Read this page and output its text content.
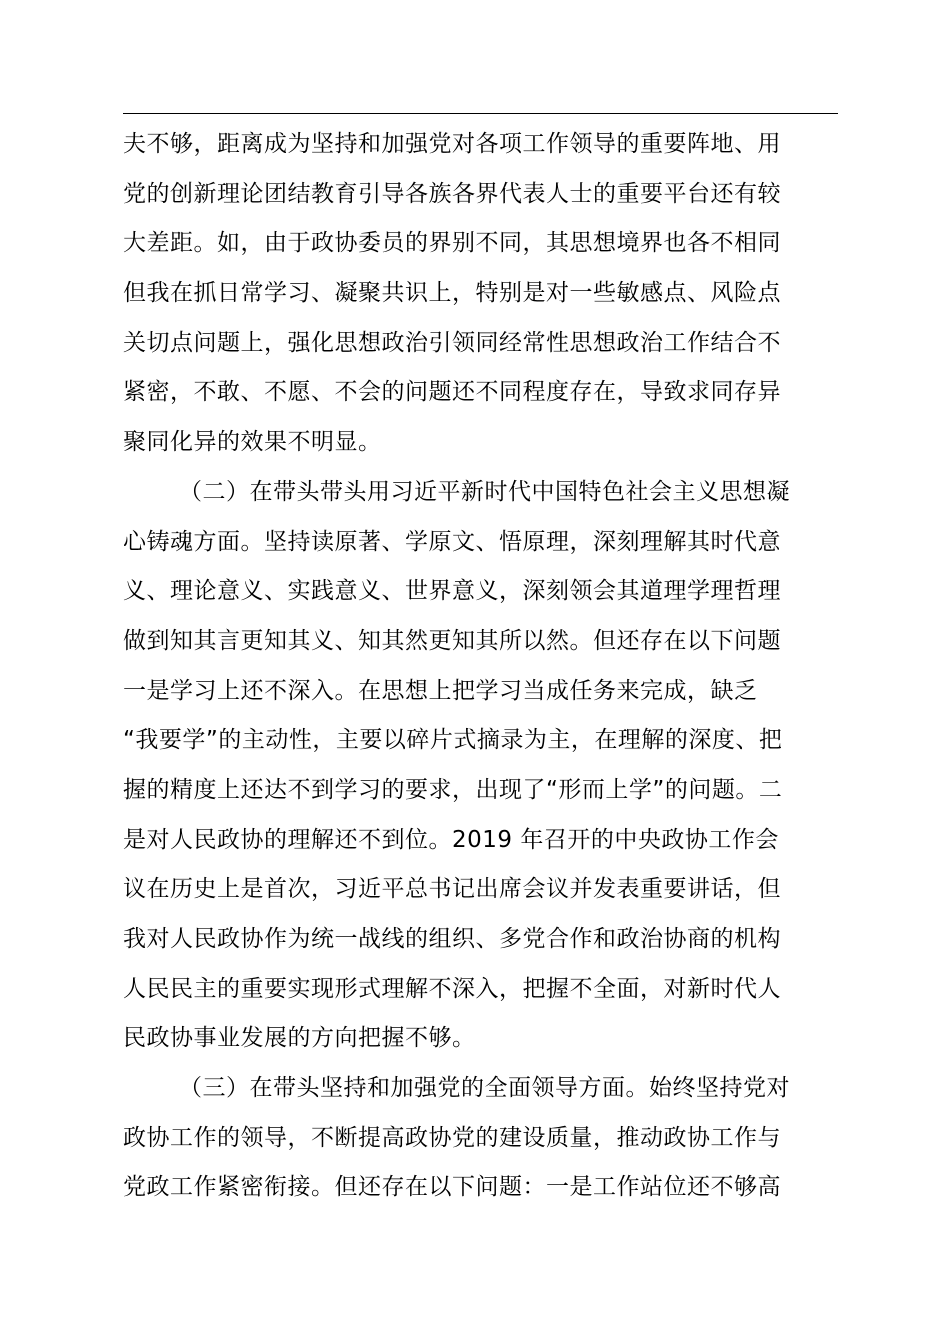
夫不够，距离成为坚持和加强党对各项工作领导的重要阵地、用
党的创新理论团结教育引导各族各界代表人士的重要平台还有较
大差距。如，由于政协委员的界别不同，其思想境界也各不相同
但我在抓日常学习、凝聚共识上，特别是对一些敏感点、风险点
关切点问题上，强化思想政治引领同经常性思想政治工作结合不
紧密，不敢、不愿、不会的问题还不同程度存在，导致求同存异
聚同化异的效果不明显。
（二）在带头带头用习近平新时代中国特色社会主义思想凝
心铸魂方面。坚持读原著、学原文、悟原理，深刻理解其时代意
义、理论意义、实践意义、世界意义，深刻领会其道理学理哲理
做到知其言更知其义、知其然更知其所以然。但还存在以下问题
一是学习上还不深入。在思想上把学习当成任务来完成，缺乏
“我要学”的主动性，主要以碎片式摘录为主，在理解的深度、把
握的精度上还达不到学习的要求，出现了“形而上学”的问题。二
是对人民政协的理解还不到位。2019 年召开的中央政协工作会
议在历史上是首次，习近平总书记出席会议并发表重要讲话，但
我对人民政协作为统一战线的组织、多党合作和政治协商的机构
人民民主的重要实现形式理解不深入，把握不全面，对新时代人
民政协事业发展的方向把握不够。
（三）在带头坚持和加强党的全面领导方面。始终坚持党对
政协工作的领导，不断提高政协党的建设质量，推动政协工作与
党政工作紧密衔接。但还存在以下问题：一是工作站位还不够高
